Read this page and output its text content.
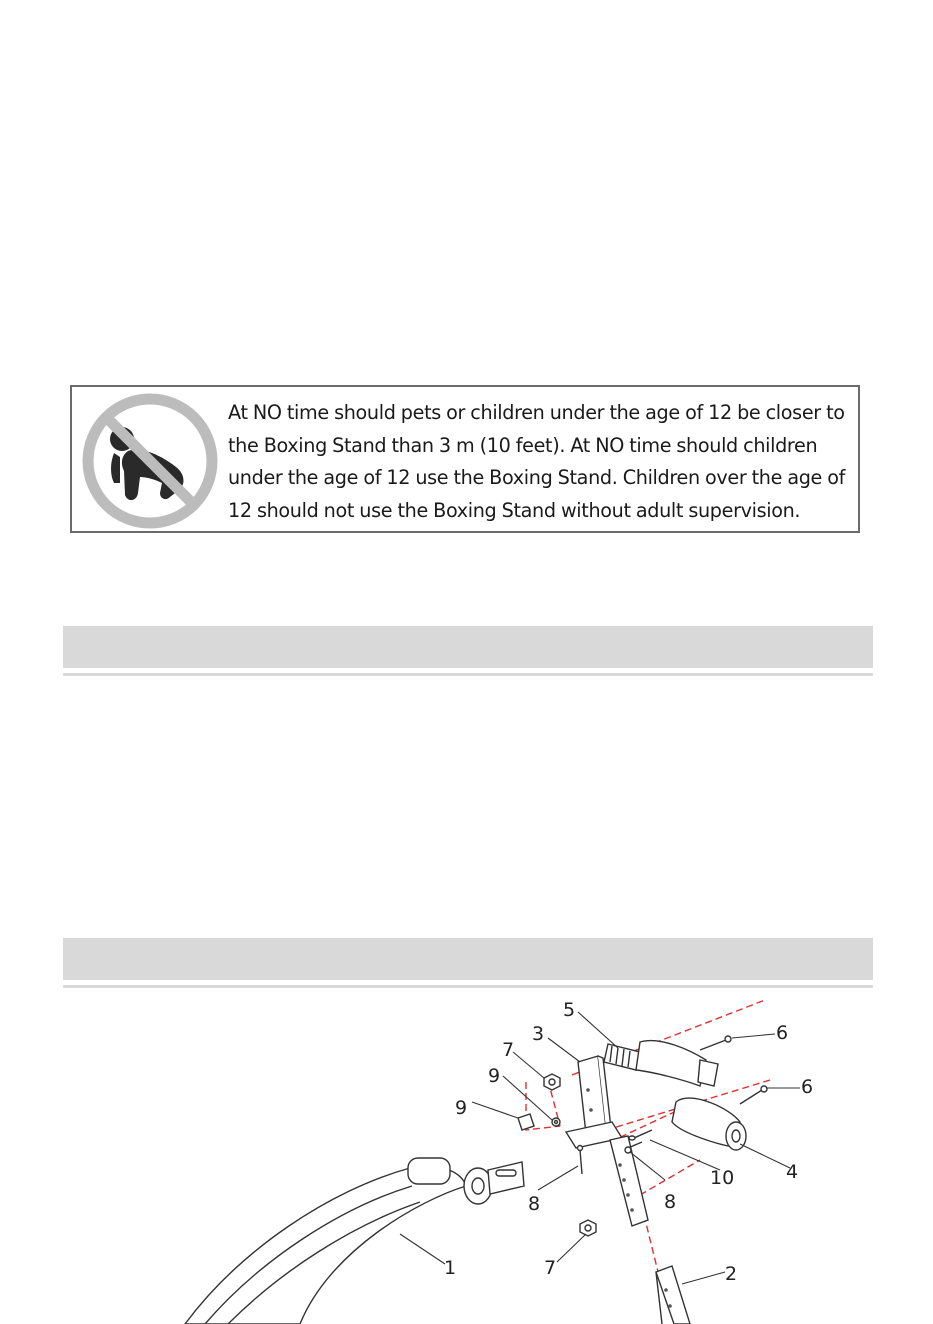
At NO time should pets or children under the age of 12 be closer to the Boxing Stand than 3 m (10 feet). At NO time should children under the age of 12 use the Boxing Stand. Children over the age of 12 should not use the Boxing Stand without adult supervision.
5
3
7
9
9
6
6
4
10
8
8
7
1	2
